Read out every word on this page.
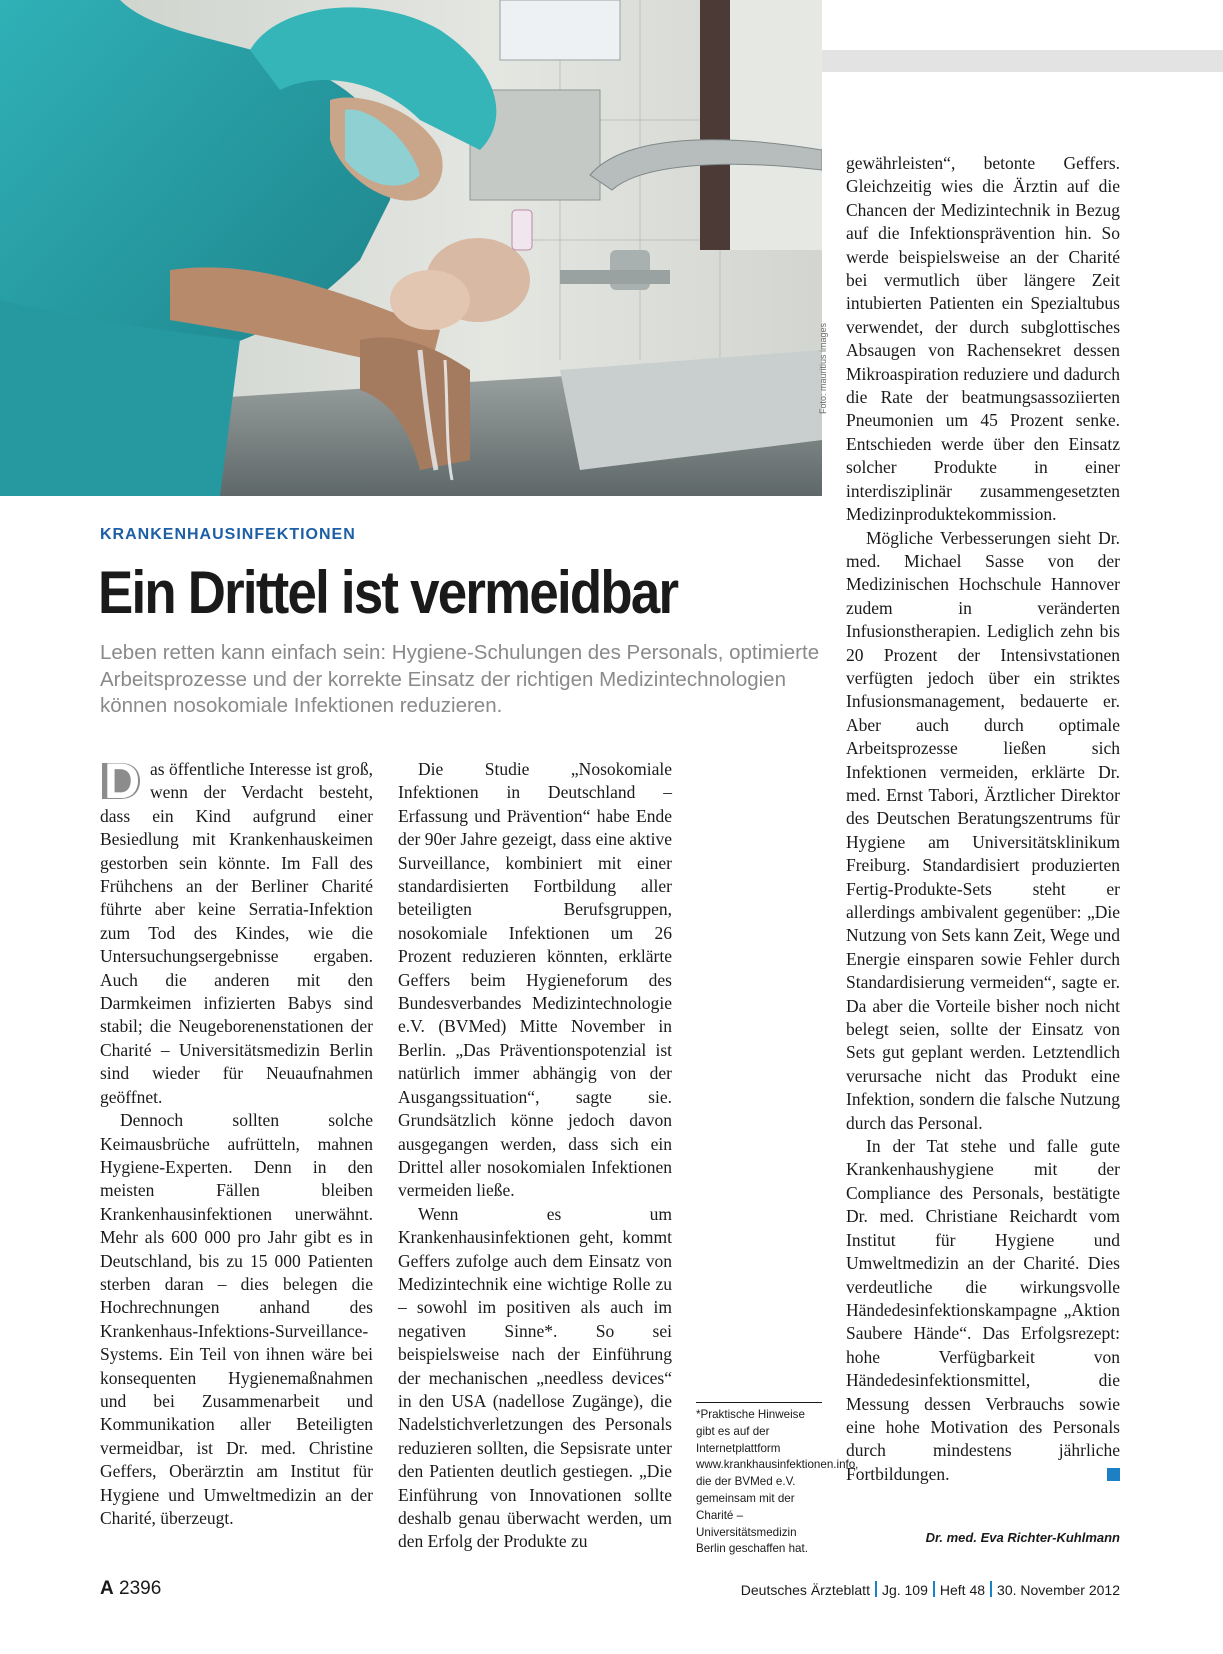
Foto: mauritius images
KRANKENHAUSINFEKTIONEN
Ein Drittel ist vermeidbar

Leben retten kann einfach sein: Hygiene-Schulungen des Personals, optimierte Arbeitsprozesse und der korrekte Einsatz der richtigen Medizintechnologien können nosokomiale Infektionen reduzieren.

D as öffentliche Interesse ist groß, wenn der Verdacht besteht, dass ein Kind aufgrund einer Besiedlung mit Krankenhauskeimen gestorben sein könnte. Im Fall des Frühchens an der Berliner Charité führte aber keine Serratia-Infektion zum Tod des Kindes, wie die Untersuchungsergebnisse ergaben. Auch die anderen mit den Darmkeimen infizierten Babys sind stabil; die Neugeborenenstationen der Charité – Universitätsmedizin Berlin sind wieder für Neuaufnahmen geöffnet.

Dennoch sollten solche Keimausbrüche aufrütteln, mahnen Hygiene-Experten. Denn in den meisten Fällen bleiben Krankenhausinfektionen unerwähnt. Mehr als 600 000 pro Jahr gibt es in Deutschland, bis zu 15 000 Patienten sterben daran – dies belegen die Hochrechnungen anhand des Krankenhaus-Infektions-Surveillance-Systems. Ein Teil von ihnen wäre bei konsequenten Hygienemaßnahmen und bei Zusammenarbeit und Kommunikation aller Beteiligten vermeidbar, ist Dr. med. Christine Geffers, Oberärztin am Institut für Hygiene und Umweltmedizin an der Charité, überzeugt.

Die Studie „Nosokomiale Infektionen in Deutschland – Erfassung und Prävention“ habe Ende der 90er Jahre gezeigt, dass eine aktive Surveillance, kombiniert mit einer standardisierten Fortbildung aller beteiligten Berufsgruppen, nosokomiale Infektionen um 26 Prozent reduzieren könnten, erklärte Geffers beim Hygieneforum des Bundesverbandes Medizintechnologie e.V. (BVMed) Mitte November in Berlin. „Das Präventionspotenzial ist natürlich immer abhängig von der Ausgangssituation“, sagte sie. Grundsätzlich könne jedoch davon ausgegangen werden, dass sich ein Drittel aller nosokomialen Infektionen vermeiden ließe.

Wenn es um Krankenhausinfektionen geht, kommt Geffers zufolge auch dem Einsatz von Medizintechnik eine wichtige Rolle zu – sowohl im positiven als auch im negativen Sinne*. So sei beispielsweise nach der Einführung der mechanischen „needless devices“ in den USA (nadellose Zugänge), die Nadelstichverletzungen des Personals reduzieren sollten, die Sepsisrate unter den Patienten deutlich gestiegen. „Die Einführung von Innovationen sollte deshalb genau überwacht werden, um den Erfolg der Produkte zu

*Praktische Hinweise gibt es auf der Internetplattform www.krankhausinfektionen.info, die der BVMed e.V. gemeinsam mit der Charité – Universitätsmedizin Berlin geschaffen hat.

gewährleisten“, betonte Geffers. Gleichzeitig wies die Ärztin auf die Chancen der Medizintechnik in Bezug auf die Infektionsprävention hin. So werde beispielsweise an der Charité bei vermutlich über längere Zeit intubierten Patienten ein Spezialtubus verwendet, der durch subglottisches Absaugen von Rachensekret dessen Mikroaspiration reduziere und dadurch die Rate der beatmungsassoziierten Pneumonien um 45 Prozent senke. Entschieden werde über den Einsatz solcher Produkte in einer interdisziplinär zusammengesetzten Medizinproduktekommission.

Mögliche Verbesserungen sieht Dr. med. Michael Sasse von der Medizinischen Hochschule Hannover zudem in veränderten Infusionstherapien. Lediglich zehn bis 20 Prozent der Intensivstationen verfügten jedoch über ein striktes Infusionsmanagement, bedauerte er. Aber auch durch optimale Arbeitsprozesse ließen sich Infektionen vermeiden, erklärte Dr. med. Ernst Tabori, Ärztlicher Direktor des Deutschen Beratungszentrums für Hygiene am Universitätsklinikum Freiburg. Standardisiert produzierten Fertig-Produkte-Sets steht er allerdings ambivalent gegenüber: „Die Nutzung von Sets kann Zeit, Wege und Energie einsparen sowie Fehler durch Standardisierung vermeiden“, sagte er. Da aber die Vorteile bisher noch nicht belegt seien, sollte der Einsatz von Sets gut geplant werden. Letztendlich verursache nicht das Produkt eine Infektion, sondern die falsche Nutzung durch das Personal.

In der Tat stehe und falle gute Krankenhaushygiene mit der Compliance des Personals, bestätigte Dr. med. Christiane Reichardt vom Institut für Hygiene und Umweltmedizin an der Charité. Dies verdeutliche die wirkungsvolle Händedesinfektionskampagne „Aktion Saubere Hände“. Das Erfolgsrezept: hohe Verfügbarkeit von Händedesinfektionsmittel, die Messung dessen Verbrauchs sowie eine hohe Motivation des Personals durch mindestens jährliche Fortbildungen.

Dr. med. Eva Richter-Kuhlmann

A 2396	Deutsches Ärzteblatt Jg. 109 Heft 48 30. November 2012
